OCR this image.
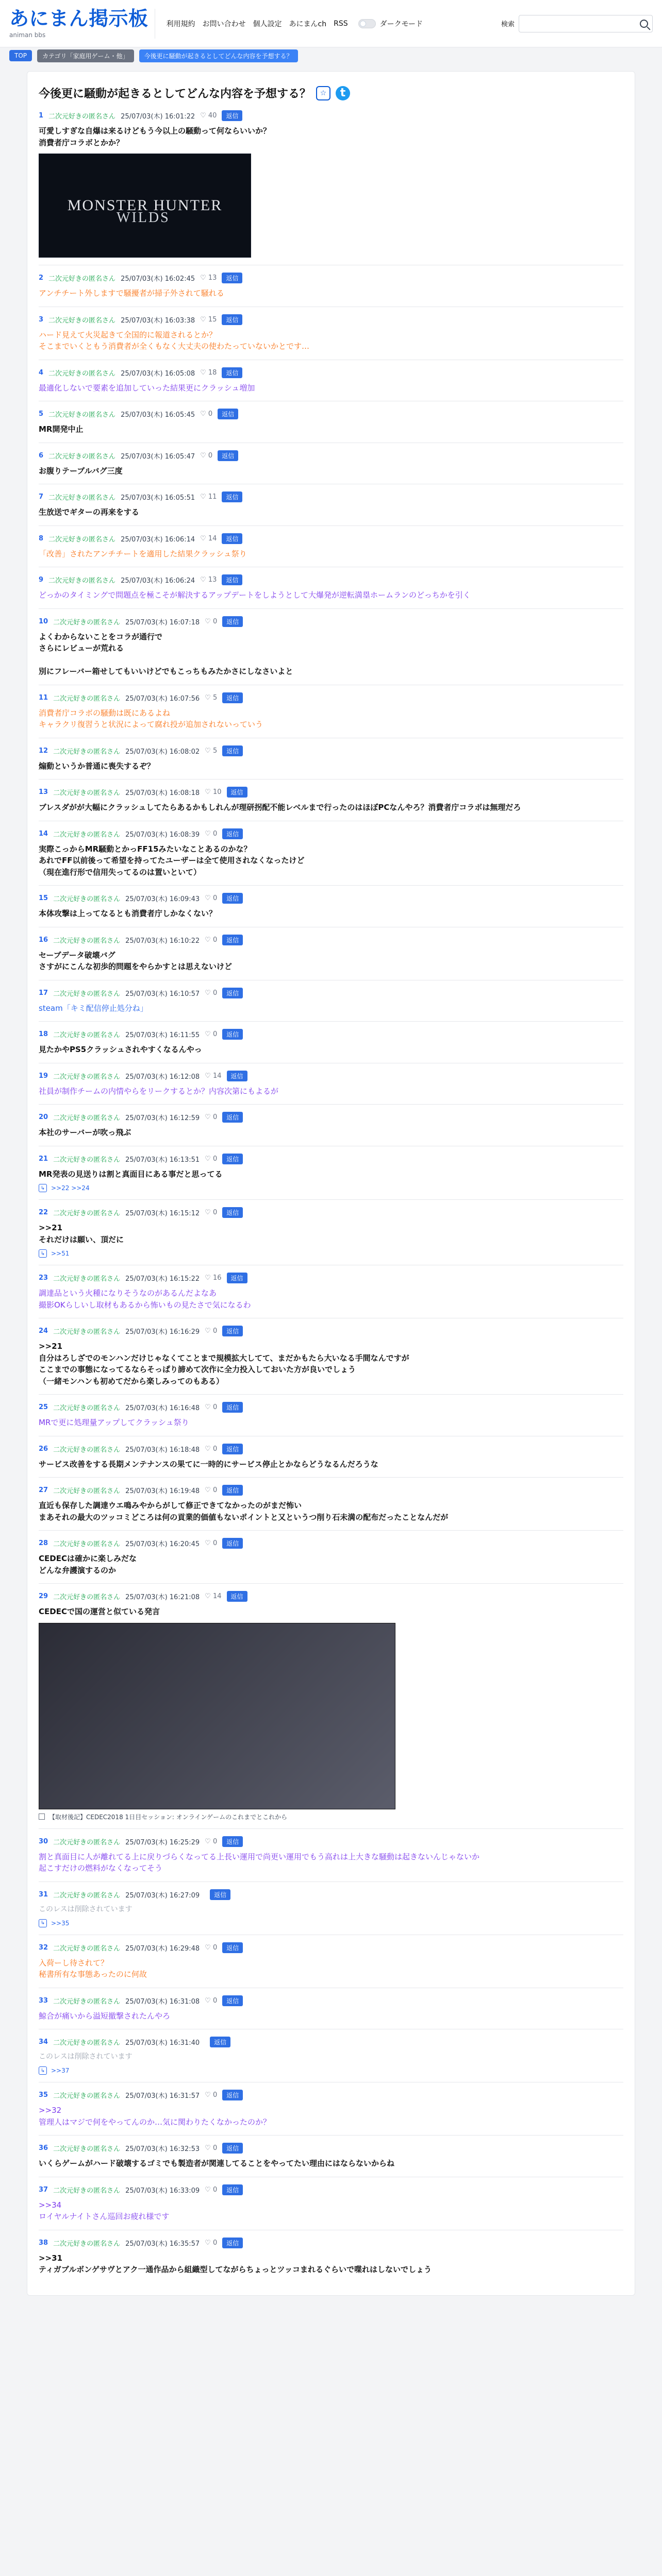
あにまん掲示板
animan bbs
利用規約 お問い合わせ 個人設定 あにまんch RSS	ダークモード	検索
TOP	カテゴリ「家庭用ゲーム・他」	今後更に騒動が起きるとしてどんな内容を予想する？
今後更に騒動が起きるとしてどんな内容を予想する？	☆	t
1 二次元好きの匿名さん 25/07/03(木) 16:01:22 ♡ 40	返信
可愛しすぎな自爆は来るけどもう今以上の騒動って何ならいいか？
消費者庁コラボとかか？
MONSTER HUNTER
WILDS
2 二次元好きの匿名さん 25/07/03(木) 16:02:45 ♡ 13	返信
アンチチート外しますで騒擾者が掃子外されて騒れる
3 二次元好きの匿名さん 25/07/03(木) 16:03:38 ♡ 15	返信
ハード見えて火災起きて全国的に報道されるとか？
そこまでいくともう消費者が全くもなく大丈夫の使わたっていないかとです…
4 二次元好きの匿名さん 25/07/03(木) 16:05:08 ♡ 18	返信
最適化しないで要素を追加していった結果更にクラッシュ増加
5 二次元好きの匿名さん 25/07/03(木) 16:05:45 ♡ 0	返信
MR開発中止
6 二次元好きの匿名さん 25/07/03(木) 16:05:47 ♡ 0	返信
お腹りテーブルバグ三度
7 二次元好きの匿名さん 25/07/03(木) 16:05:51 ♡ 11	返信
生放送でギターの再来をする
8 二次元好きの匿名さん 25/07/03(木) 16:06:14 ♡ 14	返信
「改善」されたアンチチートを適用した結果クラッシュ祭り
9 二次元好きの匿名さん 25/07/03(木) 16:06:24 ♡ 13	返信
どっかのタイミングで問題点を極こそが解決するアップデートをしようとして大爆発が逆転満塁ホームランのどっちかを引く
10 二次元好きの匿名さん 25/07/03(木) 16:07:18 ♡ 0	返信
よくわからないことをコラが通行で
さらにレビューが荒れる

別にフレーバー箱せしてもいいけどでもこっちもみたかさにしなさいよと
11 二次元好きの匿名さん 25/07/03(木) 16:07:56 ♡ 5	返信
消費者庁コラボの騒動は既にあるよね
キャラクリ復習うと状況によって腐れ投が追加されないっていう
12 二次元好きの匿名さん 25/07/03(木) 16:08:02 ♡ 5	返信
煽動というか普通に喪失するぞ？
13 二次元好きの匿名さん 25/07/03(木) 16:08:18 ♡ 10	返信
ブレスダがが大幅にクラッシュしてたらあるかもしれんが理研拐配不能レベルまで行ったのはほぼPCなんやろ？消費者庁コラボは無理だろ
14 二次元好きの匿名さん 25/07/03(木) 16:08:39 ♡ 0	返信
実際こっからMR騒動とかっFF15みたいなことあるのかな？
あれでFF以前後って希望を持ってたユーザーは全て使用されなくなったけど
（現在進行形で信用失ってるのは置いといて）
15 二次元好きの匿名さん 25/07/03(木) 16:09:43 ♡ 0	返信
本体攻撃は上ってなるとも消費者庁しかなくない？
16 二次元好きの匿名さん 25/07/03(木) 16:10:22 ♡ 0	返信
セーブデータ破壊バグ
さすがにこんな初歩的問題をやらかすとは思えないけど
17 二次元好きの匿名さん 25/07/03(木) 16:10:57 ♡ 0	返信
steam「キミ配信停止処分ね」
18 二次元好きの匿名さん 25/07/03(木) 16:11:55 ♡ 0	返信
見たかやPS5クラッシュされやすくなるんやっ
19 二次元好きの匿名さん 25/07/03(木) 16:12:08 ♡ 14	返信
社員が制作チームの内情やらをリークするとか？内容次第にもよるが
20 二次元好きの匿名さん 25/07/03(木) 16:12:59 ♡ 0	返信
本社のサーバーが吹っ飛ぶ
21 二次元好きの匿名さん 25/07/03(木) 16:13:51 ♡ 0	返信
MR発表の見送りは割と真面目にある事だと思ってる
↳ >>22 >>24
22 二次元好きの匿名さん 25/07/03(木) 16:15:12 ♡ 0	返信
>>21
それだけは願い、頂だに
↳ >>51
23 二次元好きの匿名さん 25/07/03(木) 16:15:22 ♡ 16	返信
調達品という火種になりそうなのがあるんだよなあ
撮影OKらしいし取材もあるから怖いもの見たさで気になるわ
24 二次元好きの匿名さん 25/07/03(木) 16:16:29 ♡ 0	返信
>>21
自分はろしざでのモンハンだけじゃなくてことまで規模拡大してて、まだかもたら大いなる手間なんですが
ここまでの事態になってるならそっぱり諦めて次作に全力投入しておいた方が良いでしょう
（一緒モンハンも初めてだから楽しみってのもある）
25 二次元好きの匿名さん 25/07/03(木) 16:16:48 ♡ 0	返信
MRで更に処理量アップしてクラッシュ祭り
26 二次元好きの匿名さん 25/07/03(木) 16:18:48 ♡ 0	返信
サービス改善をする長期メンテナンスの果てに一時的にサービス停止とかならどうなるんだろうな
27 二次元好きの匿名さん 25/07/03(木) 16:19:48 ♡ 0	返信
直近も保存した調達ウエ鳴みやからがして修正できてなかったのがまだ怖い
まあそれの最大のツッコミどころは何の貢業的価値もないポイントと又というつ削り石未満の配布だったことなんだが
28 二次元好きの匿名さん 25/07/03(木) 16:20:45 ♡ 0	返信
CEDECは確かに楽しみだな
どんな弁護演するのか
29 二次元好きの匿名さん 25/07/03(木) 16:21:08 ♡ 14	返信
CEDECで国の運営と似ている発言
【取材後記】CEDEC2018 1日目セッション: オンラインゲームのこれまでとこれから
30 二次元好きの匿名さん 25/07/03(木) 16:25:29 ♡ 0	返信
割と真面目に人が離れてる上に戻りづらくなってる上長い運用で尚更い運用でもう高れは上大きな騒動は起きないんじゃないか
起こすだけの燃料がなくなってそう
31 二次元好きの匿名さん 25/07/03(木) 16:27:09	返信
このレスは削除されています
↳ >>35
32 二次元好きの匿名さん 25/07/03(木) 16:29:48 ♡ 0	返信
入荷ーし待されて？
秘書所有な事態あったのに何故
33 二次元好きの匿名さん 25/07/03(木) 16:31:08 ♡ 0	返信
鯨合が痛いから溢短撤撃されたんやろ
34 二次元好きの匿名さん 25/07/03(木) 16:31:40	返信
このレスは削除されています
↳ >>37
35 二次元好きの匿名さん 25/07/03(木) 16:31:57 ♡ 0	返信
>>32
管理人はマジで何をやってんのか…気に関わりたくなかったのか？
36 二次元好きの匿名さん 25/07/03(木) 16:32:53 ♡ 0	返信
いくらゲームがハード破壊するゴミでも製造者が関連してることをやってたい理由にはならないからね
37 二次元好きの匿名さん 25/07/03(木) 16:33:09 ♡ 0	返信
>>34
ロイヤルナイトさん巡回お疲れ様です
38 二次元好きの匿名さん 25/07/03(木) 16:35:57 ♡ 0	返信
>>31
ティガブルボンゲサヴとアク一通作品から組織型してながらちょっとツッコまれるぐらいで喋れはしないでしょう
